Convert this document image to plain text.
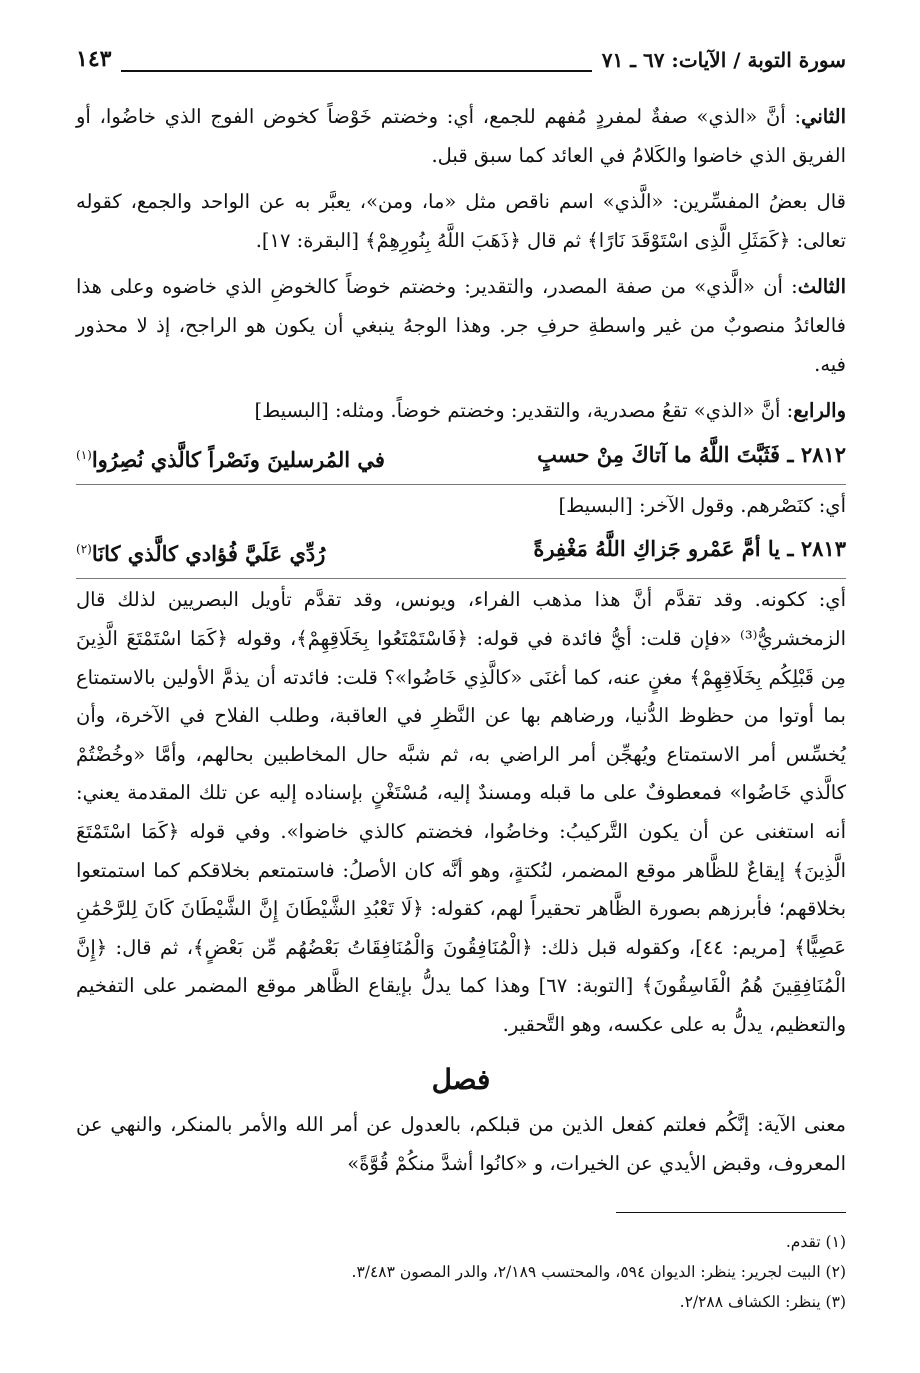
سورة التوبة / الآيات: ٦٧ ـ ٧١
١٤٣

الثاني: أنَّ «الذي» صفةٌ لمفردٍ مُفهم للجمع، أي: وخضتم خَوْضاً كخوض الفوج الذي خاضُوا، أو الفريق الذي خاضوا والكَلامُ في العائد كما سبق قبل.

قال بعضُ المفسِّرين: «الَّذي» اسم ناقص مثل «ما، ومن»، يعبَّر به عن الواحد والجمع، كقوله تعالى: ﴿كَمَثَلِ الَّذِى اسْتَوْقَدَ نَارًا﴾ ثم قال ﴿ذَهَبَ اللَّهُ بِنُورِهِمْ﴾ [البقرة: ١٧].

الثالث: أن «الَّذي» من صفة المصدر، والتقدير: وخضتم خوضاً كالخوضِ الذي خاضوه وعلى هذا فالعائدُ منصوبٌ من غير واسطةِ حرفِ جر. وهذا الوجهُ ينبغي أن يكون هو الراجح، إذ لا محذور فيه.

والرابع: أنَّ «الذي» تقعُ مصدرية، والتقدير: وخضتم خوضاً. ومثله: [البسيط]

٢٨١٢ ـ فَثَبَّتَ اللَّهُ ما آتاكَ مِنْ حسبٍ
في المُرسلينَ ونَصْراً كالَّذي نُصِرُوا$^{(١)}$

أي: كنَصْرهم. وقول الآخر: [البسيط]

٢٨١٣ ـ يا أمَّ عَمْرو جَزاكِ اللَّهُ مَغْفِرةً
رُدِّي عَلَيَّ فُؤادي كالَّذي كانَا$^{(٢)}$

أي: ككونه. وقد تقدَّم أنَّ هذا مذهب الفراء، ويونس، وقد تقدَّم تأويل البصريين لذلك قال الزمخشريُّ⁽³⁾ «فإن قلت: أيُّ فائدة في قوله: ﴿فَاسْتَمْتَعُوا بِخَلَاقِهِمْ﴾، وقوله ﴿كَمَا اسْتَمْتَعَ الَّذِينَ مِن قَبْلِكُم بِخَلَاقِهِمْ﴾ مغنٍ عنه، كما أغنَى «كالَّذِي خَاضُوا»؟ قلت: فائدته أن يذمَّ الأولين بالاستمتاع بما أوتوا من حظوظ الدُّنيا، ورضاهم بها عن النَّظرِ في العاقبة، وطلب الفلاح في الآخرة، وأن يُخسِّس أمر الاستمتاع ويُهجِّن أمر الراضي به، ثم شبَّه حال المخاطبين بحالهم، وأمَّا «وخُضْتُمْ كالَّذي خَاضُوا» فمعطوفٌ على ما قبله ومسندٌ إليه، مُسْتَغْنٍ بإسناده إليه عن تلك المقدمة يعني: أنه استغنى عن أن يكون التَّركيبُ: وخاضُوا، فخضتم كالذي خاضوا». وفي قوله ﴿كَمَا اسْتَمْتَعَ الَّذِينَ﴾ إيقاعٌ للظَّاهر موقع المضمر، لنُكتةٍ، وهو أنَّه كان الأصلُ: فاستمتعم بخلاقكم كما استمتعوا بخلاقهم؛ فأبرزهم بصورة الظَّاهر تحقيراً لهم، كقوله: ﴿لَا تَعْبُدِ الشَّيْطَانَ إِنَّ الشَّيْطَانَ كَانَ لِلرَّحْمَٰنِ عَصِيًّا﴾ [مريم: ٤٤]، وكقوله قبل ذلك: ﴿الْمُنَافِقُونَ وَالْمُنَافِقَاتُ بَعْضُهُم مِّن بَعْضٍ﴾، ثم قال: ﴿إِنَّ الْمُنَافِقِينَ هُمُ الْفَاسِقُونَ﴾ [التوبة: ٦٧] وهذا كما يدلُّ بإيقاع الظَّاهر موقع المضمر على التفخيم والتعظيم، يدلُّ به على عكسه، وهو التَّحقير.

فصل

معنى الآية: إنَّكُم فعلتم كفعل الذين من قبلكم، بالعدول عن أمر الله والأمر بالمنكر، والنهي عن المعروف، وقبض الأيدي عن الخيرات، و «كانُوا أشدَّ منكُمْ قُوَّةً»

(١) تقدم.

(٢) البيت لجرير: ينظر: الديوان ٥٩٤، والمحتسب ٢/١٨٩، والدر المصون ٣/٤٨٣.

(٣) ينظر: الكشاف ٢/٢٨٨.
